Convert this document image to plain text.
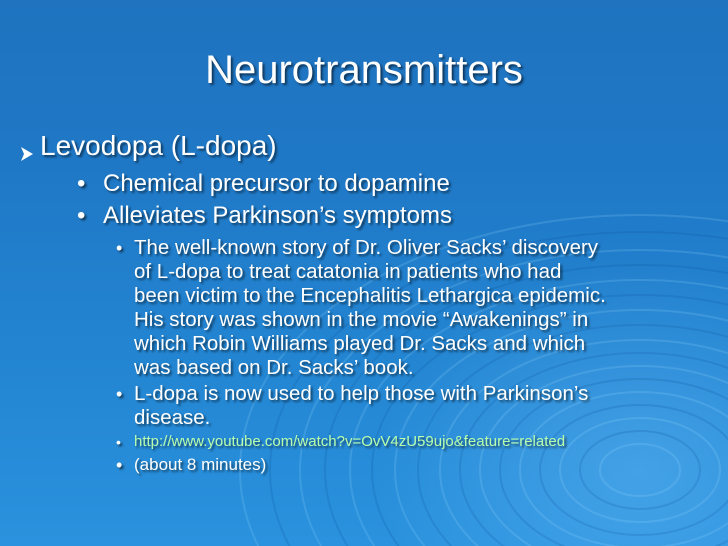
Neurotransmitters
Levodopa (L-dopa)
• Chemical precursor to dopamine
• Alleviates Parkinson’s symptoms
• The well-known story of Dr. Oliver Sacks’ discovery
of L-dopa to treat catatonia in patients who had
been victim to the Encephalitis Lethargica epidemic.
His story was shown in the movie “Awakenings” in
which Robin Williams played Dr. Sacks and which
was based on Dr. Sacks’ book.
• L-dopa is now used to help those with Parkinson’s
disease.
• http://www.youtube.com/watch?v=OvV4zU59ujo&feature=related
• (about 8 minutes)
